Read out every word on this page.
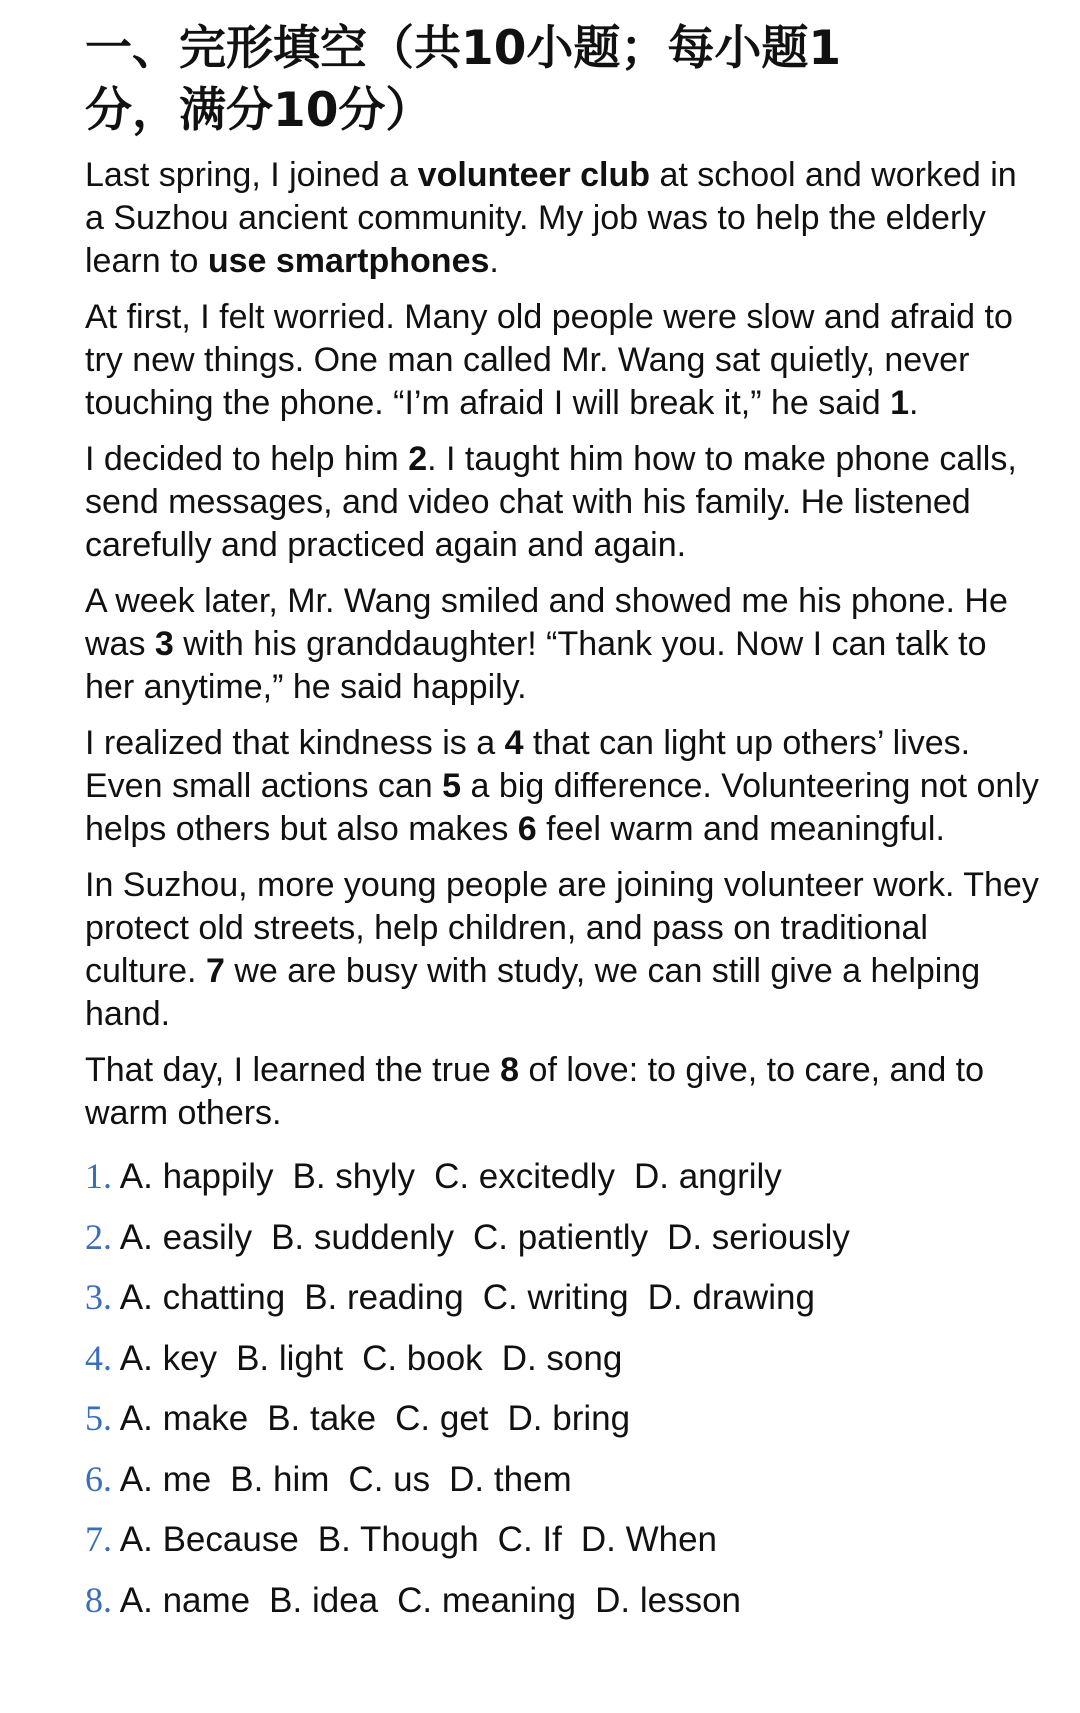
一、完形填空（共10小题；每小题1
分，满分10分）

Last spring, I joined a volunteer club at school and worked in a Suzhou ancient community. My job was to help the elderly learn to use smartphones.

At first, I felt worried. Many old people were slow and afraid to try new things. One man called Mr. Wang sat quietly, never touching the phone. “I’m afraid I will break it,” he said 1.

I decided to help him 2. I taught him how to make phone calls, send messages, and video chat with his family. He listened carefully and practiced again and again.

A week later, Mr. Wang smiled and showed me his phone. He was 3 with his granddaughter! “Thank you. Now I can talk to her anytime,” he said happily.

I realized that kindness is a 4 that can light up others’ lives. Even small actions can 5 a big difference. Volunteering not only helps others but also makes 6 feel warm and meaningful.

In Suzhou, more young people are joining volunteer work. They protect old streets, help children, and pass on traditional culture. 7 we are busy with study, we can still give a helping hand.

That day, I learned the true 8 of love: to give, to care, and to warm others.

1. A. happily B. shyly C. excitedly D. angrily
2. A. easily B. suddenly C. patiently D. seriously
3. A. chatting B. reading C. writing D. drawing
4. A. key B. light C. book D. song
5. A. make B. take C. get D. bring
6. A. me B. him C. us D. them
7. A. Because B. Though C. If D. When
8. A. name B. idea C. meaning D. lesson
